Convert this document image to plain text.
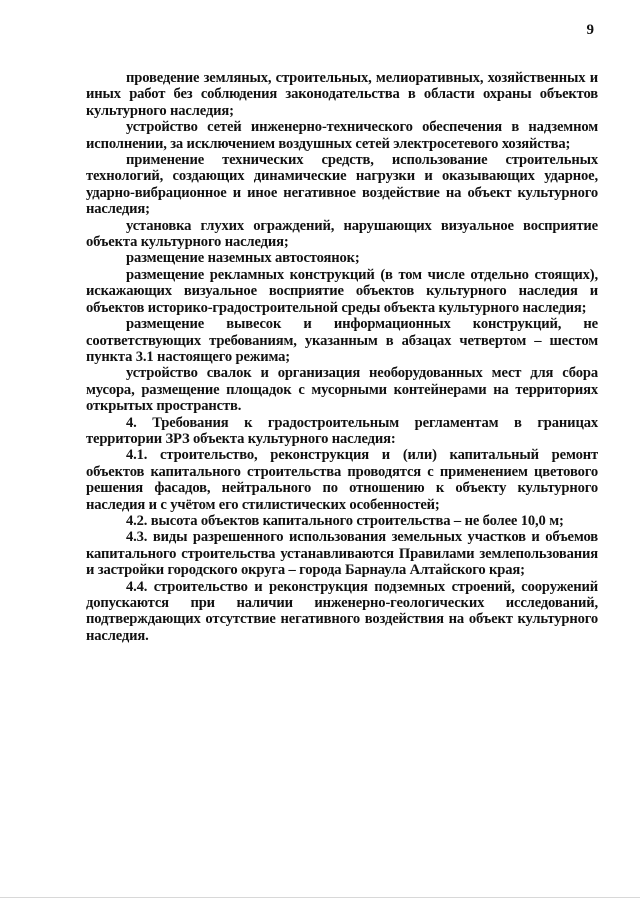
9

проведение земляных, строительных, мелиоративных, хозяйственных и иных работ без соблюдения законодательства в области охраны объектов культурного наследия;

устройство сетей инженерно-технического обеспечения в надземном исполнении, за исключением воздушных сетей электросетевого хозяйства;

применение технических средств, использование строительных технологий, создающих динамические нагрузки и оказывающих ударное, ударно-вибрационное и иное негативное воздействие на объект культурного наследия;

установка глухих ограждений, нарушающих визуальное восприятие объекта культурного наследия;

размещение наземных автостоянок;

размещение рекламных конструкций (в том числе отдельно стоящих), искажающих визуальное восприятие объектов культурного наследия и объектов историко-градостроительной среды объекта культурного наследия;

размещение вывесок и информационных конструкций, не соответствующих требованиям, указанным в абзацах четвертом – шестом пункта 3.1 настоящего режима;

устройство свалок и организация необорудованных мест для сбора мусора, размещение площадок с мусорными контейнерами на территориях открытых пространств.

4. Требования к градостроительным регламентам в границах территории ЗРЗ объекта культурного наследия:

4.1. строительство, реконструкция и (или) капитальный ремонт объектов капитального строительства проводятся с применением цветового решения фасадов, нейтрального по отношению к объекту культурного наследия и с учётом его стилистических особенностей;

4.2. высота объектов капитального строительства – не более 10,0 м;

4.3. виды разрешенного использования земельных участков и объемов капитального строительства устанавливаются Правилами землепользования и застройки городского округа – города Барнаула Алтайского края;

4.4. строительство и реконструкция подземных строений, сооружений допускаются при наличии инженерно-геологических исследований, подтверждающих отсутствие негативного воздействия на объект культурного наследия.
